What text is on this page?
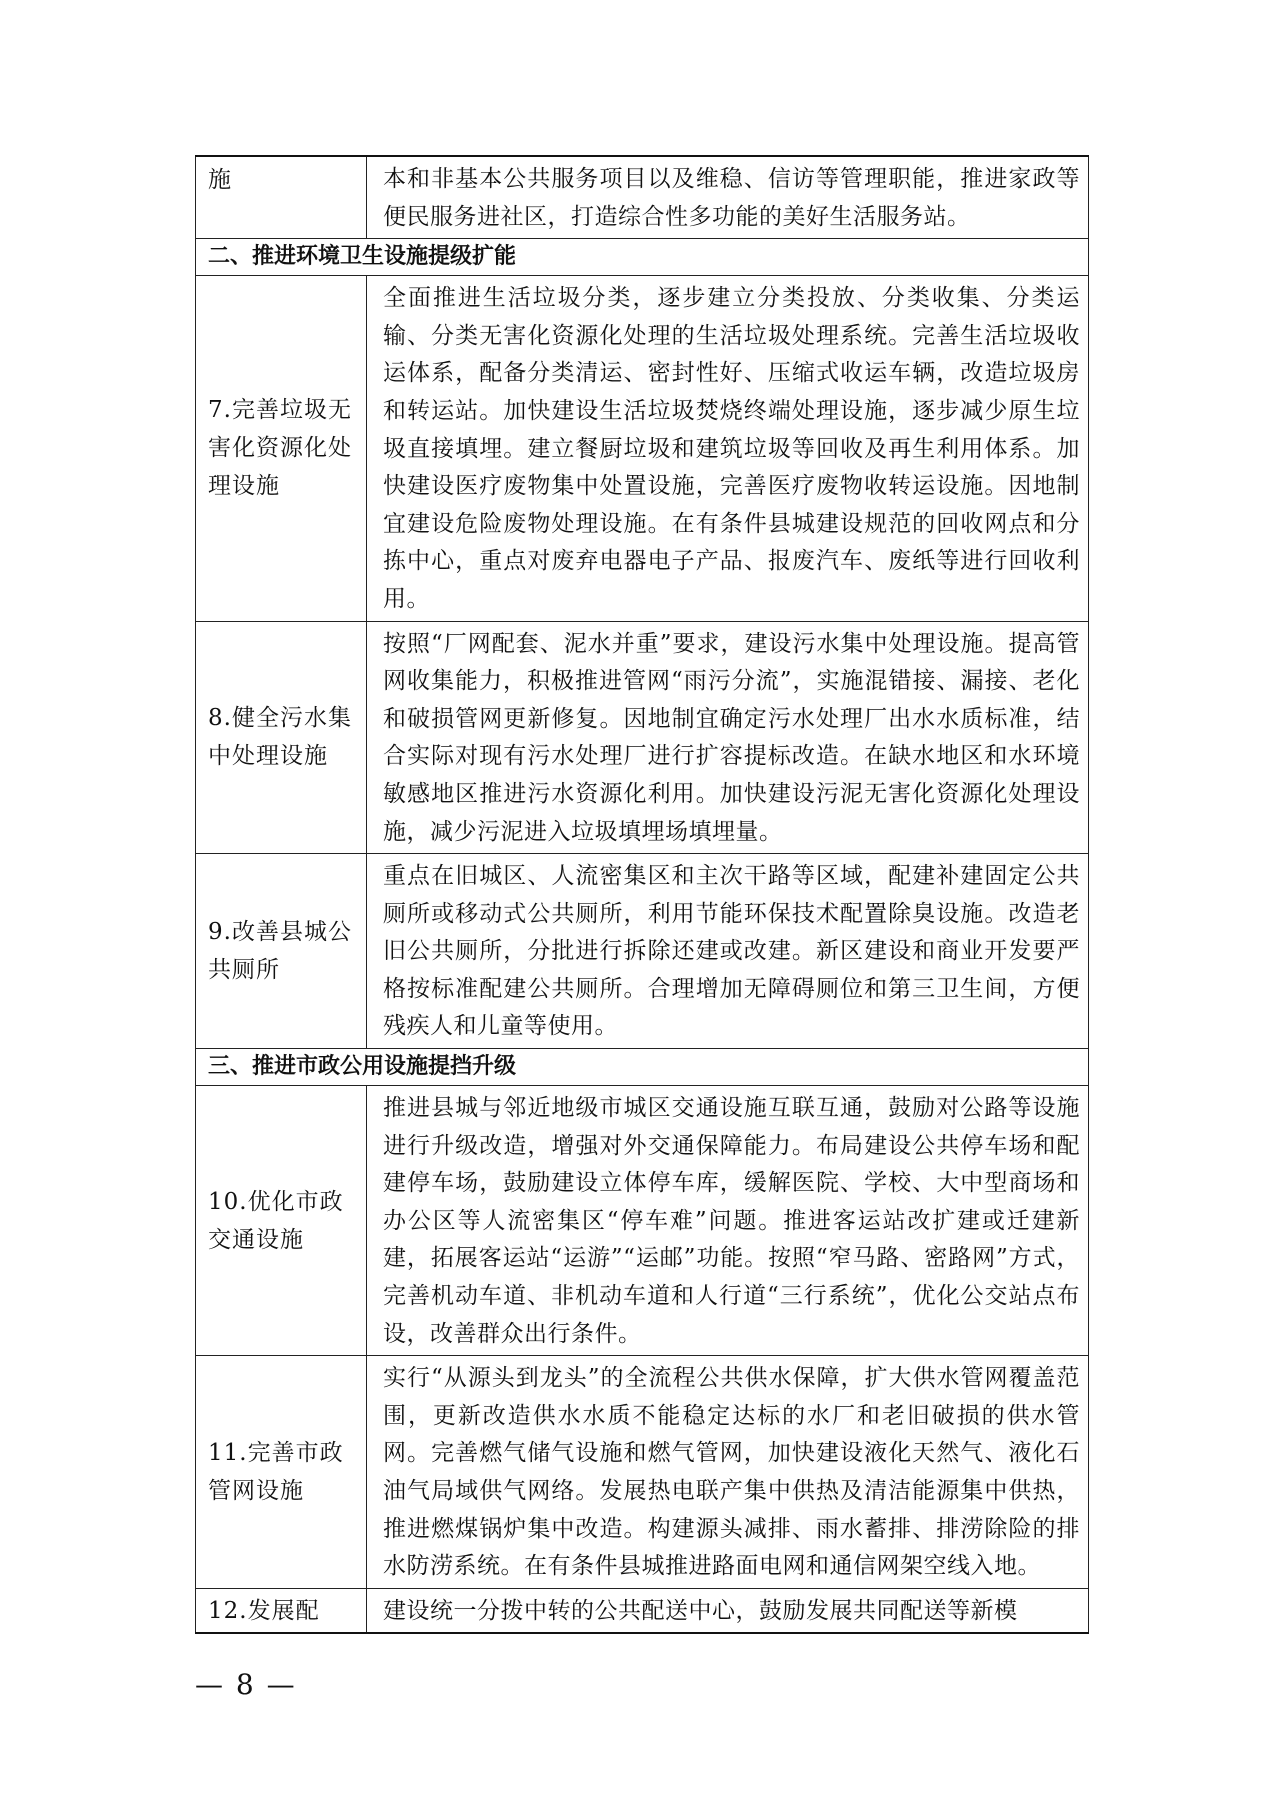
施	本和非基本公共服务项目以及维稳、信访等管理职能，推进家政等便民服务进社区，打造综合性多功能的美好生活服务站。
二、推进环境卫生设施提级扩能	
7.完善垃圾无害化资源化处理设施	全面推进生活垃圾分类，逐步建立分类投放、分类收集、分类运输、分类无害化资源化处理的生活垃圾处理系统。完善生活垃圾收运体系，配备分类清运、密封性好、压缩式收运车辆，改造垃圾房和转运站。加快建设生活垃圾焚烧终端处理设施，逐步减少原生垃圾直接填埋。建立餐厨垃圾和建筑垃圾等回收及再生利用体系。加快建设医疗废物集中处置设施，完善医疗废物收转运设施。因地制宜建设危险废物处理设施。在有条件县城建设规范的回收网点和分拣中心，重点对废弃电器电子产品、报废汽车、废纸等进行回收利用。
8.健全污水集中处理设施	按照“厂网配套、泥水并重”要求，建设污水集中处理设施。提高管网收集能力，积极推进管网“雨污分流”，实施混错接、漏接、老化和破损管网更新修复。因地制宜确定污水处理厂出水水质标准，结合实际对现有污水处理厂进行扩容提标改造。在缺水地区和水环境敏感地区推进污水资源化利用。加快建设污泥无害化资源化处理设施，减少污泥进入垃圾填埋场填埋量。
9.改善县城公共厕所	重点在旧城区、人流密集区和主次干路等区域，配建补建固定公共厕所或移动式公共厕所，利用节能环保技术配置除臭设施。改造老旧公共厕所，分批进行拆除还建或改建。新区建设和商业开发要严格按标准配建公共厕所。合理增加无障碍厕位和第三卫生间，方便残疾人和儿童等使用。
三、推进市政公用设施提挡升级	
10.优化市政交通设施	推进县城与邻近地级市城区交通设施互联互通，鼓励对公路等设施进行升级改造，增强对外交通保障能力。布局建设公共停车场和配建停车场，鼓励建设立体停车库，缓解医院、学校、大中型商场和办公区等人流密集区“停车难”问题。推进客运站改扩建或迁建新建，拓展客运站“运游”“运邮”功能。按照“窄马路、密路网”方式，完善机动车道、非机动车道和人行道“三行系统”，优化公交站点布设，改善群众出行条件。
11.完善市政管网设施	实行“从源头到龙头”的全流程公共供水保障，扩大供水管网覆盖范围，更新改造供水水质不能稳定达标的水厂和老旧破损的供水管网。完善燃气储气设施和燃气管网，加快建设液化天然气、液化石油气局域供气网络。发展热电联产集中供热及清洁能源集中供热，推进燃煤锅炉集中改造。构建源头减排、雨水蓄排、排涝除险的排水防涝系统。在有条件县城推进路面电网和通信网架空线入地。
12.发展配	建设统一分拨中转的公共配送中心，鼓励发展共同配送等新模
— 8 —
